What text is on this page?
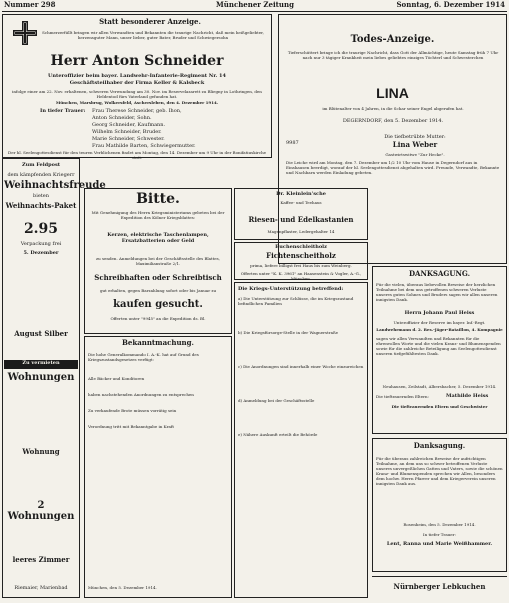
Nummer 298	Münchener Zeitung	Sonntag, 6. Dezember 1914
Zum Feldpost
dem kämpfenden Kriegerr
Weihnachtsfreude
bieten
Weihnachts-Paket
2.95
Verpackung frei
5. Dezember
August Silber
Zu vermieten
Wohnungen
Wohnung
2 Wohnungen
leeres Zimmer
Riemaier, Marienbad
Statt besonderer Anzeige.
Schmerzerfüllt bringen wir allen Verwandten und Bekannten die traurige Nachricht, daß mein heißgeliebter, herzensguter Mann, unser lieber, guter Bater, Bruder und Schwiegersohn
Herr Anton Schneider
Unteroffizier beim bayer. Landwehr-Infanterie-Regiment Nr. 14
Geschäftsteilhaber der Firma Keller & Kalsbeck
infolge einer am 22. Nov. erhaltenen, schweren Verwundung am 30. Nov. im Reservelazarett zu Bliegny in Lothringen, den Heldentod fürs Vaterland gefunden hat.
München, Marsbrug, Wolkersfeld, Aschersleben, den 4. Dezember 1914.
In tiefer Trauer:	Frau Therese Schneider, geb. Ihon,
Anton Schneider, Sohn.
Georg Schneider, Kaufmann.
Wilhelm Schneider, Bruder.
Marie Schneider, Schwester.
Frau Mathilde Barten, Schwiegermutter.
Der hl. Seelengottesdienst für den teuren Verblichenen findet am Montag, den 14. Dezember um 9 Uhr in der Bonifatiuskirche statt.
Todes-Anzeige.
Tieferschüttert bringe ich die traurige Nachricht, dass Gott der Allmächtige, heute Samstag früh 7 Uhr nach nur 3 tägiger Krankheit mein liebes geliebtes einziges Töchterl und Schwesterchen
LINA
im Blütenalter von 4 Jahren, in die Schar seiner Engel abgerufen hat.
DEGERNDORF, den 5. Dezember 1914.
9987
Die tiefbetrübte Mutter:
Lina Weber
Gastwirtswitwe "Zur Hecke".
Die Leiche wird am Montag, den 7. Dezember um 1/2 10 Uhr vom Hause in Degerndorf aus in Einshausen beerdigt, worauf der hl. Seelengottesdienst abgehalten wird. Freunde, Verwandte, Bekannte und Nachbarn werden Einladung gebeten.
Bitte.
Mit Genehmigung des Herrn Kriegsministeriums gebeten bei der Expedition des Kölner Kriegsblattes:
Kerzen, elektrische Taschenlampen, Ersatzbatterien oder Geld
zu senden. Anmeldungen bei der Geschäftsstelle des Blattes, Maximilianstraße 2/1.
Schreibhaften oder Schreibtisch
gut erhalten, gegen Barzahlung sofort oder bis Januar zu
kaufen gesucht.
Offerten unter "9945" an die Expedition ds. Bl.
Bekanntmachung.
Die hohe Generalkommando I. A.-K. hat auf Grund des Kriegszustandsgesetzes verfügt:
Alle Bäcker und Konditoren
haben nachstehenden Anordnungen zu entsprechen
Zu verkaufende Brote müssen vorrätig sein
Verordnung tritt mit Bekanntgabe in Kraft
München, den 5. Dezember 1914.
Die Kriegs-Unterstützung betreffend:
a) Die Unterstützung zur Schlüsse, die im Kriegszustand befindlichen Familien
b) Die Kriegsfürsorge-Stelle in der Wagnerstraße
c) Die Anordnungen sind innerhalb einer Woche einzureichen
d) Anmeldung bei der Geschäftsstelle
e) Nähere Auskunft erteilt die Behörde
Dr. Kleinlein'sche
Kaffee- und Teehaus
Riesen- und Edelkastanien
Magenpflaster, Ledergehalter 14
Buchenschleitholz
Fichtenscheitholz
prima, liefere billigst frei Haus bis zum Weinberg.
Offerten unter "K. K. 3961" an Haasenstein & Vogler, A.-G., München.
DANKSAGUNG.
Für die vielen, überaus liebevollen Beweise der herzlichen Teilnahme bei dem uns getroffenen schweren Verluste unseres guten Sohnes und Bruders sagen wir allen unseren innigsten Dank.
Herrn Johann Paul Heiss
Unteroffizier der Reserve im bayer. Inf.-Regt.
Landwehrmann d. 2. Res.-Jäger-Bataillon, 4. Kompagnie
sagen wir allen Verwandten und Bekannten für die ehrenvollen Worte und die vielen Kranz- und Blumenspenden sowie für die zahlreiche Beteiligung am Seelengottesdienst unseren tiefgefühltesten Dank.
Neuhausen, Zeilstadt, Albersbacher, 5. Dezember 1914.
Die tieftrauernden Eltern:	Mathilde Heiss
Die tieftrauernden Eltern und Geschwister
Danksagung.
Für die überaus zahlreichen Beweise der aufrichtigen Teilnahme, an dem uns so schwer betroffenen Verluste unseres unvergeßlichen Gatten und Vaters, sowie die schönen Kranz- und Blumenspenden sprechen wir Allen, besonders dem hochw. Herrn Pfarrer und dem Kriegerverein unseren innigsten Dank aus.
Rosenheim, den 5. Dezember 1914.
In tiefer Trauer:
Lent, Ranna und Marie Weißhammer.
Nürnberger Lebkuchen
